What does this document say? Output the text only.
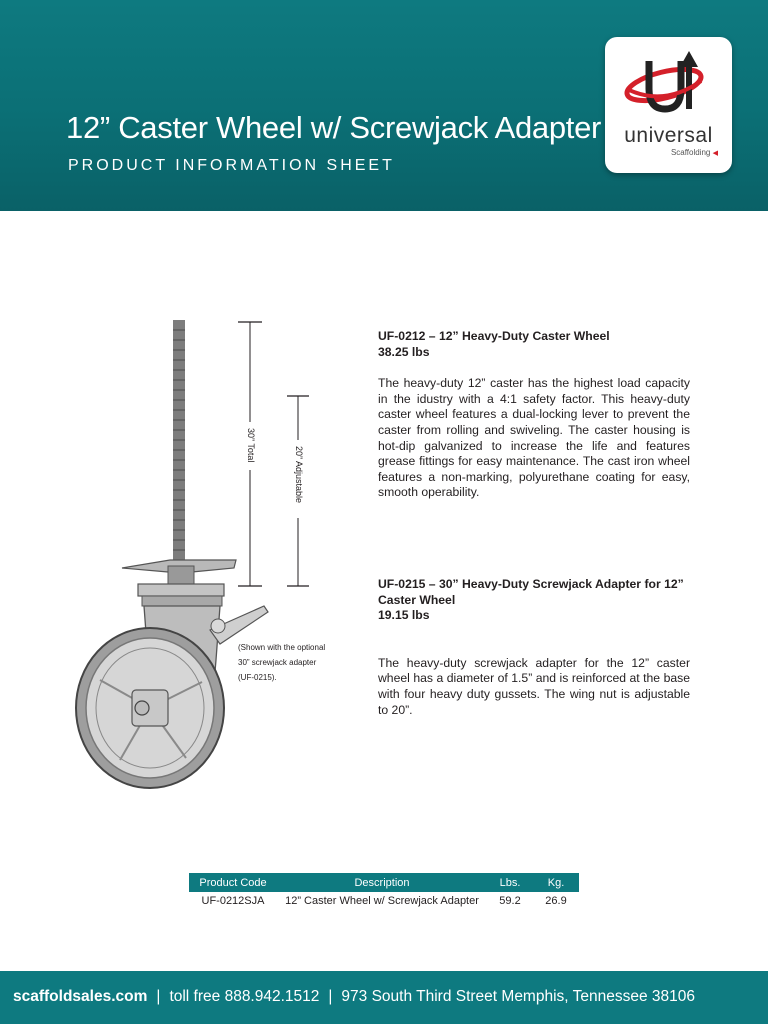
12” Caster Wheel w/ Screwjack Adapter
PRODUCT INFORMATION SHEET
universal
Scaffolding ◀
30” Total
20” Adjustable
(Shown with the optional
30” screwjack adapter
(UF-0215).
UF-0212 – 12” Heavy-Duty Caster Wheel
38.25 lbs

The heavy-duty 12” caster has the highest load capacity in the idustry with a 4:1 safety factor. This heavy-duty caster wheel features a dual-locking lever to prevent the caster from rolling and swiveling. The caster housing is hot-dip galvanized to increase the life and features grease fittings for easy maintenance. The cast iron wheel features a non-marking, polyurethane coating for easy, smooth operability.

UF-0215 – 30” Heavy-Duty Screwjack Adapter for 12” Caster Wheel
19.15 lbs

The heavy-duty screwjack adapter for the 12” caster wheel has a diameter of 1.5” and is reinforced at the base with four heavy duty gussets. The wing nut is adjustable to 20”.

Product Code	Description	Lbs.	Kg.
UF-0212SJA	12” Caster Wheel w/ Screwjack Adapter	59.2	26.9
scaffoldsales.com | toll free 888.942.1512 | 973 South Third Street Memphis, Tennessee 38106
